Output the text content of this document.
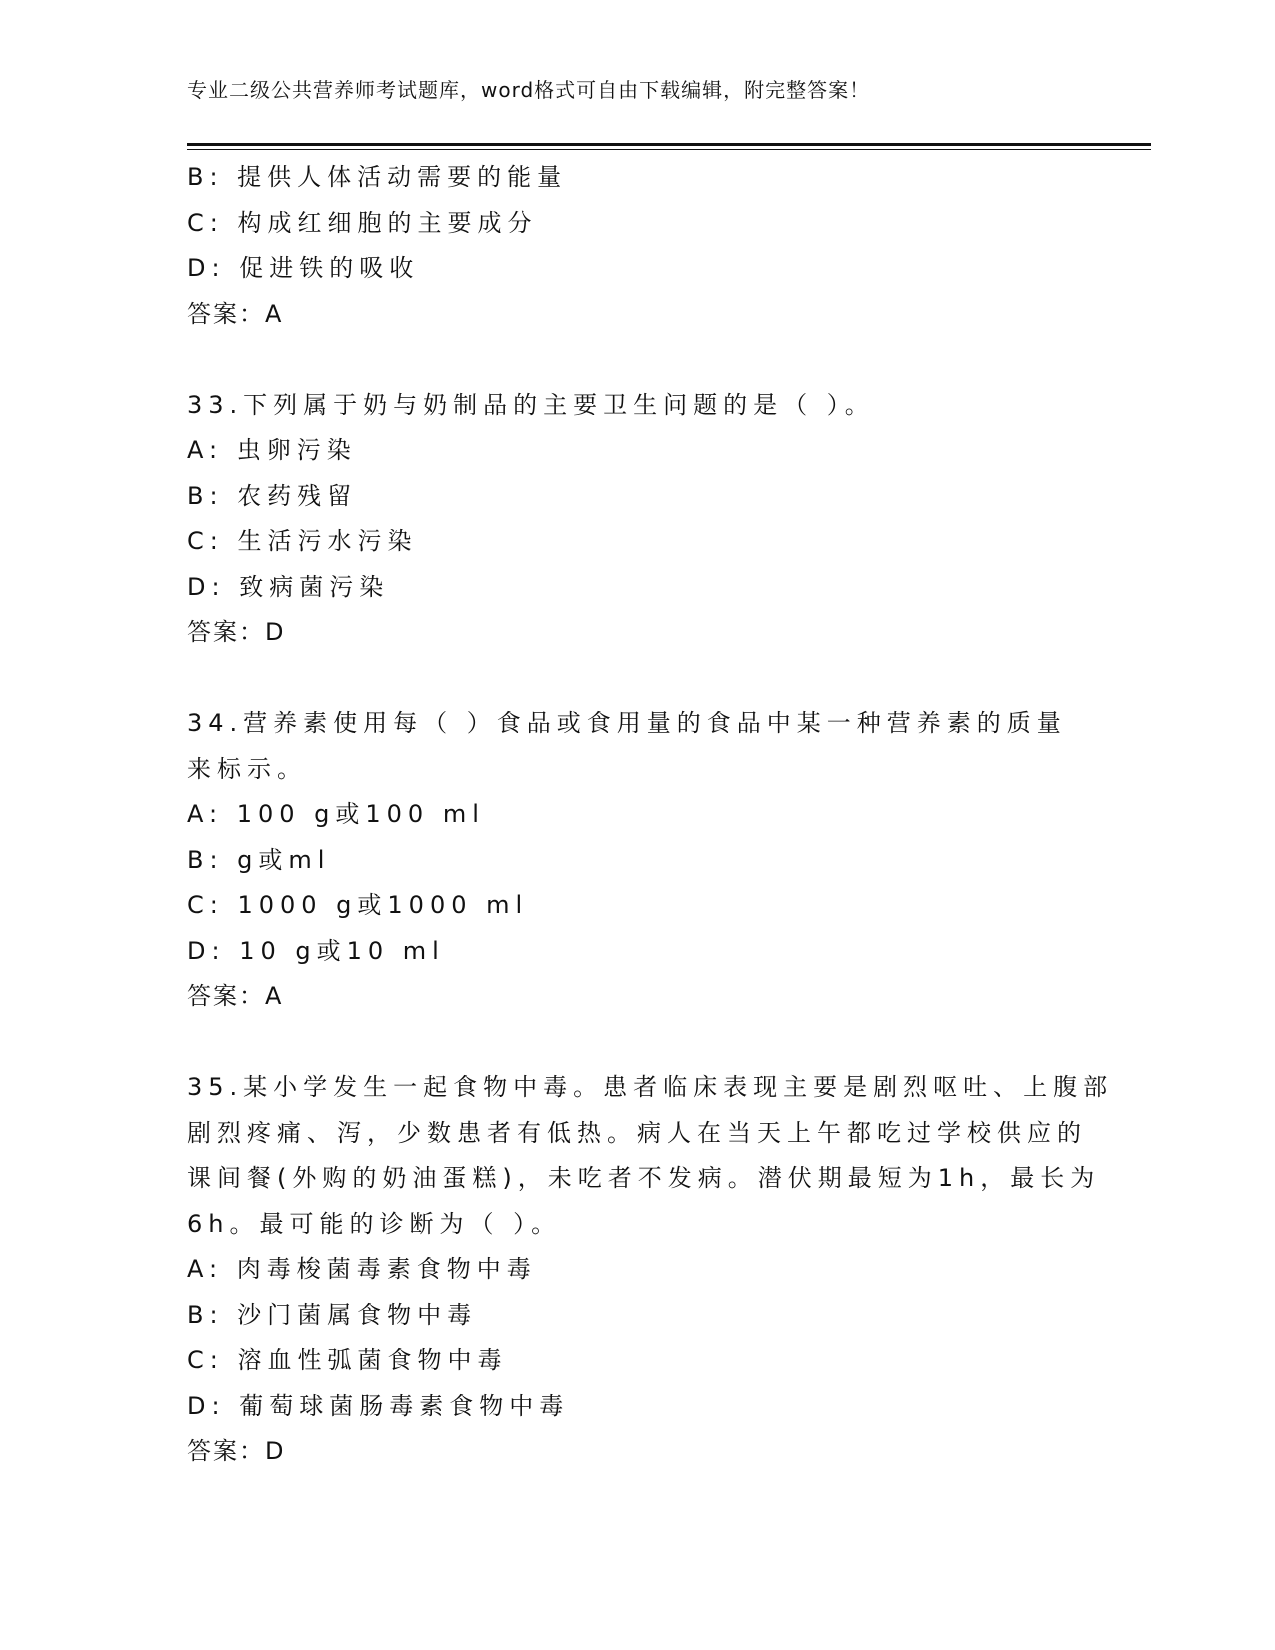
专业二级公共营养师考试题库，word格式可自由下载编辑，附完整答案！
B: 提供人体活动需要的能量
C: 构成红细胞的主要成分
D: 促进铁的吸收
答案：A
33.下列属于奶与奶制品的主要卫生问题的是（ ）。
A: 虫卵污染
B: 农药残留
C: 生活污水污染
D: 致病菌污染
答案：D
34.营养素使用每（ ）食品或食用量的食品中某一种营养素的质量
来标示。
A: 100 g或100 ml
B: g或ml
C: 1000 g或1000 ml
D: 10 g或10 ml
答案：A
35.某小学发生一起食物中毒。患者临床表现主要是剧烈呕吐、上腹部
剧烈疼痛、泻，少数患者有低热。病人在当天上午都吃过学校供应的
课间餐(外购的奶油蛋糕)，未吃者不发病。潜伏期最短为1h，最长为
6h。最可能的诊断为（ ）。
A: 肉毒梭菌毒素食物中毒
B: 沙门菌属食物中毒
C: 溶血性弧菌食物中毒
D: 葡萄球菌肠毒素食物中毒
答案：D
